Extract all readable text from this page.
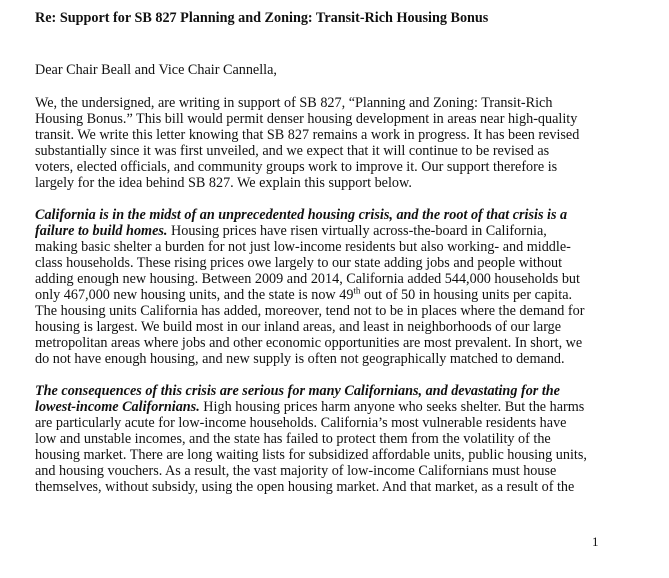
Re: Support for SB 827 Planning and Zoning: Transit-Rich Housing Bonus
Dear Chair Beall and Vice Chair Cannella,
We, the undersigned, are writing in support of SB 827, “Planning and Zoning: Transit-Rich
Housing Bonus.” This bill would permit denser housing development in areas near high-quality
transit. We write this letter knowing that SB 827 remains a work in progress. It has been revised
substantially since it was first unveiled, and we expect that it will continue to be revised as
voters, elected officials, and community groups work to improve it. Our support therefore is
largely for the idea behind SB 827. We explain this support below.
California is in the midst of an unprecedented housing crisis, and the root of that crisis is a
failure to build homes. Housing prices have risen virtually across-the-board in California,
making basic shelter a burden for not just low-income residents but also working- and middle-
class households. These rising prices owe largely to our state adding jobs and people without
adding enough new housing. Between 2009 and 2014, California added 544,000 households but
only 467,000 new housing units, and the state is now 49th out of 50 in housing units per capita.
The housing units California has added, moreover, tend not to be in places where the demand for
housing is largest. We build most in our inland areas, and least in neighborhoods of our large
metropolitan areas where jobs and other economic opportunities are most prevalent. In short, we
do not have enough housing, and new supply is often not geographically matched to demand.
The consequences of this crisis are serious for many Californians, and devastating for the
lowest-income Californians. High housing prices harm anyone who seeks shelter. But the harms
are particularly acute for low-income households. California’s most vulnerable residents have
low and unstable incomes, and the state has failed to protect them from the volatility of the
housing market. There are long waiting lists for subsidized affordable units, public housing units,
and housing vouchers. As a result, the vast majority of low-income Californians must house
themselves, without subsidy, using the open housing market. And that market, as a result of the
1
